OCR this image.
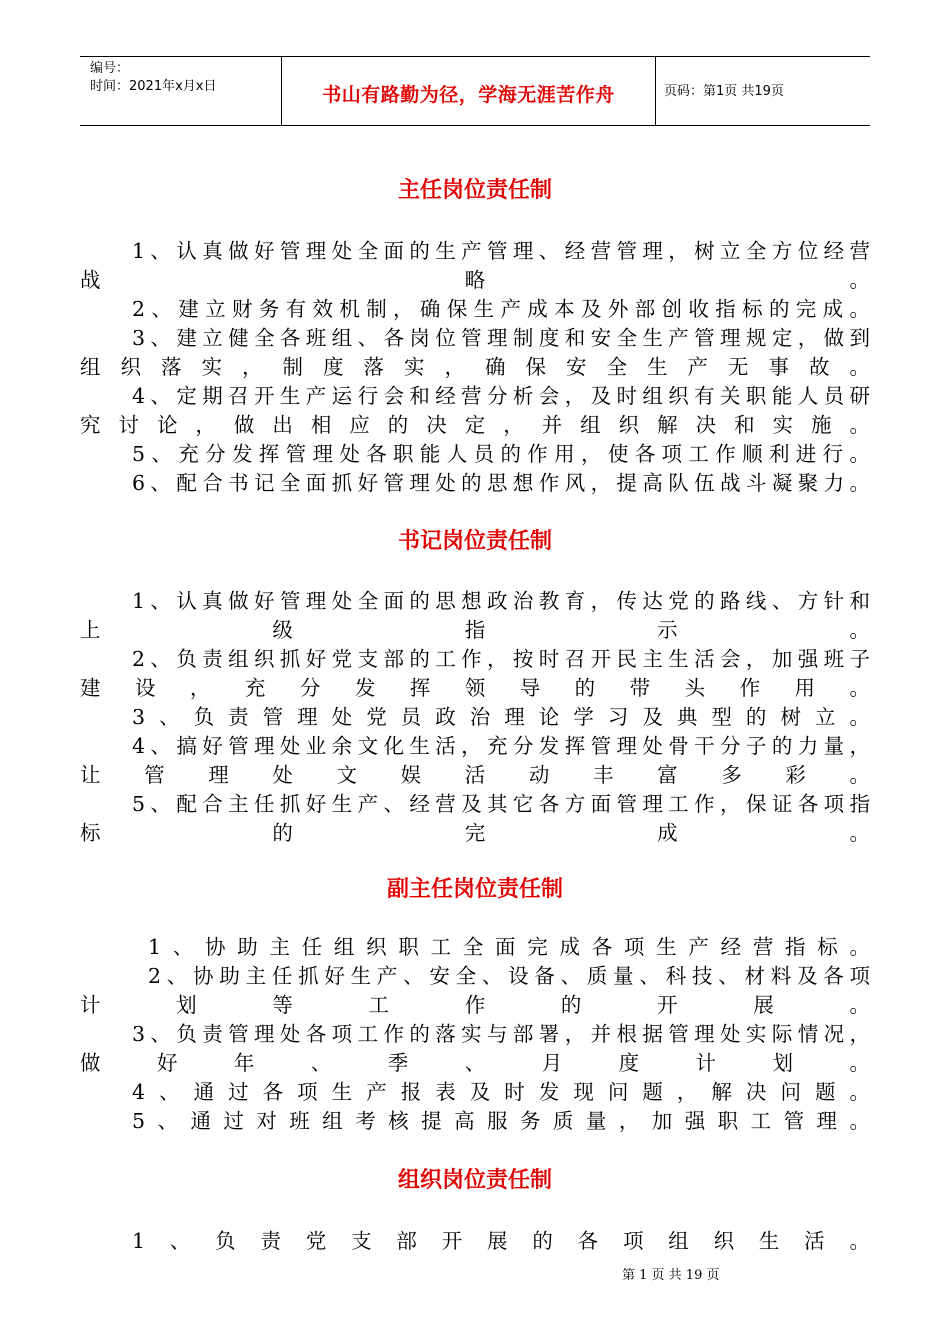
编号：
时间：2021年x月x日	书山有路勤为径，学海无涯苦作舟	页码：第1页 共19页
主任岗位责任制
1、认真做好管理处全面的生产管理、经营管理，树立全方位经营
战略。
2、建立财务有效机制，确保生产成本及外部创收指标的完成。
3、建立健全各班组、各岗位管理制度和安全生产管理规定，做到
组织落实，制度落实，确保安全生产无事故。
4、定期召开生产运行会和经营分析会，及时组织有关职能人员研
究讨论，做出相应的决定，并组织解决和实施。
5、充分发挥管理处各职能人员的作用，使各项工作顺利进行。
6、配合书记全面抓好管理处的思想作风，提高队伍战斗凝聚力。
书记岗位责任制
1、认真做好管理处全面的思想政治教育，传达党的路线、方针和
上级指示。
2、负责组织抓好党支部的工作，按时召开民主生活会，加强班子
建设，充分发挥领导的带头作用。
3、负责管理处党员政治理论学习及典型的树立。
4、搞好管理处业余文化生活，充分发挥管理处骨干分子的力量，
让管理处文娱活动丰富多彩。
5、配合主任抓好生产、经营及其它各方面管理工作，保证各项指
标的完成。
副主任岗位责任制
1、协助主任组织职工全面完成各项生产经营指标。
2、协助主任抓好生产、安全、设备、质量、科技、材料及各项
计划等工作的开展。
3、负责管理处各项工作的落实与部署，并根据管理处实际情况，
做好年、季、月度计划。
4、通过各项生产报表及时发现问题，解决问题。
5、通过对班组考核提高服务质量，加强职工管理。
组织岗位责任制
1、负责党支部开展的各项组织生活。
第 1 页 共 19 页
